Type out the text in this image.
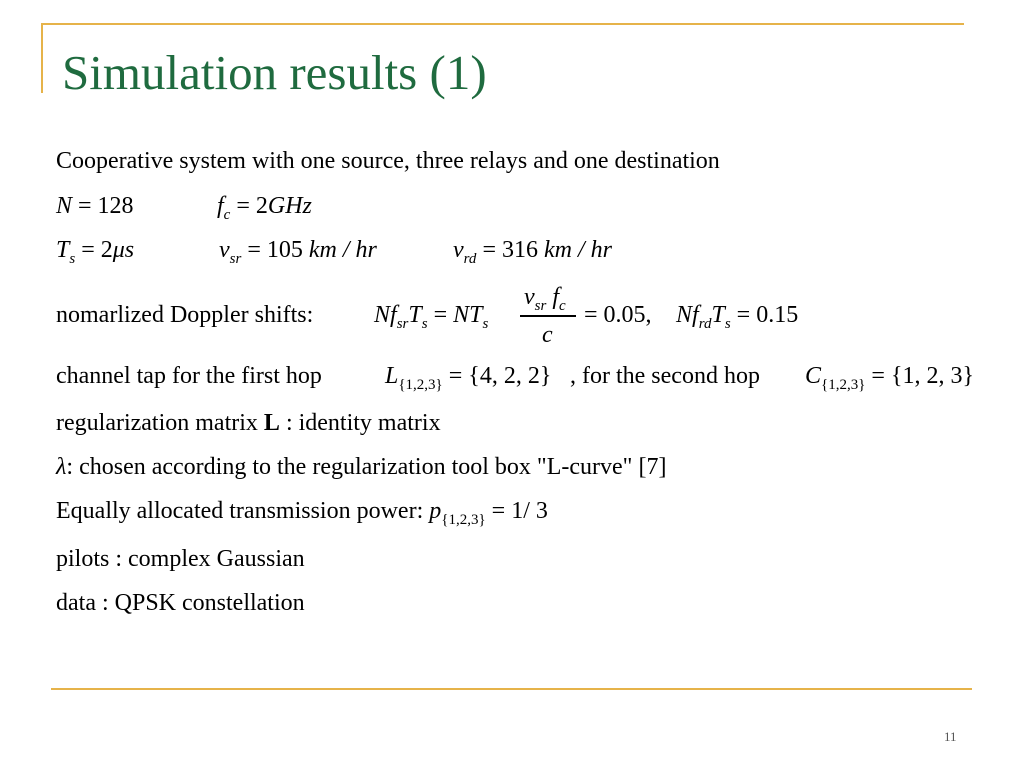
Simulation results (1)
Cooperative system with one source, three relays and one destination
N = 128	$f_c = 2GHz$
$T_s = 2\mu s$	$v_{sr} = 105$ km / hr	$v_{rd} = 316$ km / hr
nomarlized Doppler shifts:	$Nf_{sr}T_s = NT_s$
$v_{sr}$ $f_c$
c
= 0.05, $Nf_{rd}T_s = 0.15$
channel tap for the first hop	$L_{\{1,2,3\}} = \{4$, 2, 2} , for the second hop $C_{\{1,2,3\}} = \{1$, 2, 3}
regularization matrix L : identity matrix
λ: chosen according to the regularization tool box "L-curve" [7]
Equally allocated transmission power: $p_{\{1,2,3\}} = 1/$ 3
pilots : complex Gaussian
data : QPSK constellation
11
